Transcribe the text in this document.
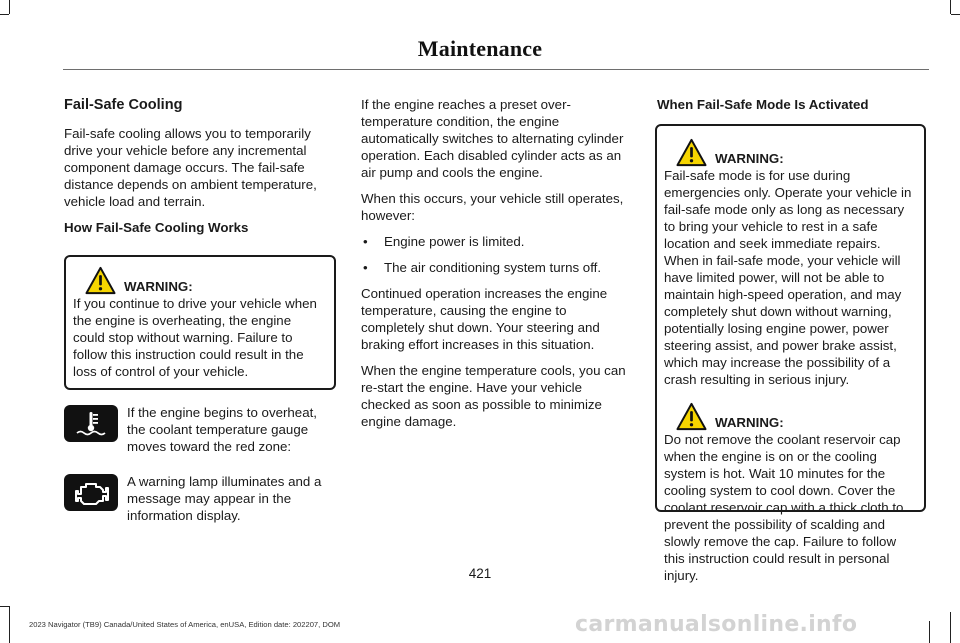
Maintenance
Fail-Safe Cooling

Fail-safe cooling allows you to temporarily drive your vehicle before any incremental component damage occurs. The fail-safe distance depends on ambient temperature, vehicle load and terrain.

How Fail-Safe Cooling Works
WARNING:
If you continue to drive your vehicle when the engine is overheating, the engine could stop without warning. Failure to follow this instruction could result in the loss of control of your vehicle.
If the engine begins to overheat, the coolant temperature gauge moves toward the red zone:
A warning lamp illuminates and a message may appear in the information display.

If the engine reaches a preset over-temperature condition, the engine automatically switches to alternating cylinder operation. Each disabled cylinder acts as an air pump and cools the engine.

When this occurs, your vehicle still operates, however:

• Engine power is limited.
• The air conditioning system turns off.

Continued operation increases the engine temperature, causing the engine to completely shut down. Your steering and braking effort increases in this situation.

When the engine temperature cools, you can re-start the engine. Have your vehicle checked as soon as possible to minimize engine damage.

When Fail-Safe Mode Is Activated
WARNING:
Fail-safe mode is for use during emergencies only. Operate your vehicle in fail-safe mode only as long as necessary to bring your vehicle to rest in a safe location and seek immediate repairs. When in fail-safe mode, your vehicle will have limited power, will not be able to maintain high-speed operation, and may completely shut down without warning, potentially losing engine power, power steering assist, and power brake assist, which may increase the possibility of a crash resulting in serious injury.
WARNING:
Do not remove the coolant reservoir cap when the engine is on or the cooling system is hot. Wait 10 minutes for the cooling system to cool down. Cover the coolant reservoir cap with a thick cloth to prevent the possibility of scalding and slowly remove the cap. Failure to follow this instruction could result in personal injury.
421
2023 Navigator (TB9) Canada/United States of America, enUSA, Edition date: 202207, DOM	carmanualsonline.info
